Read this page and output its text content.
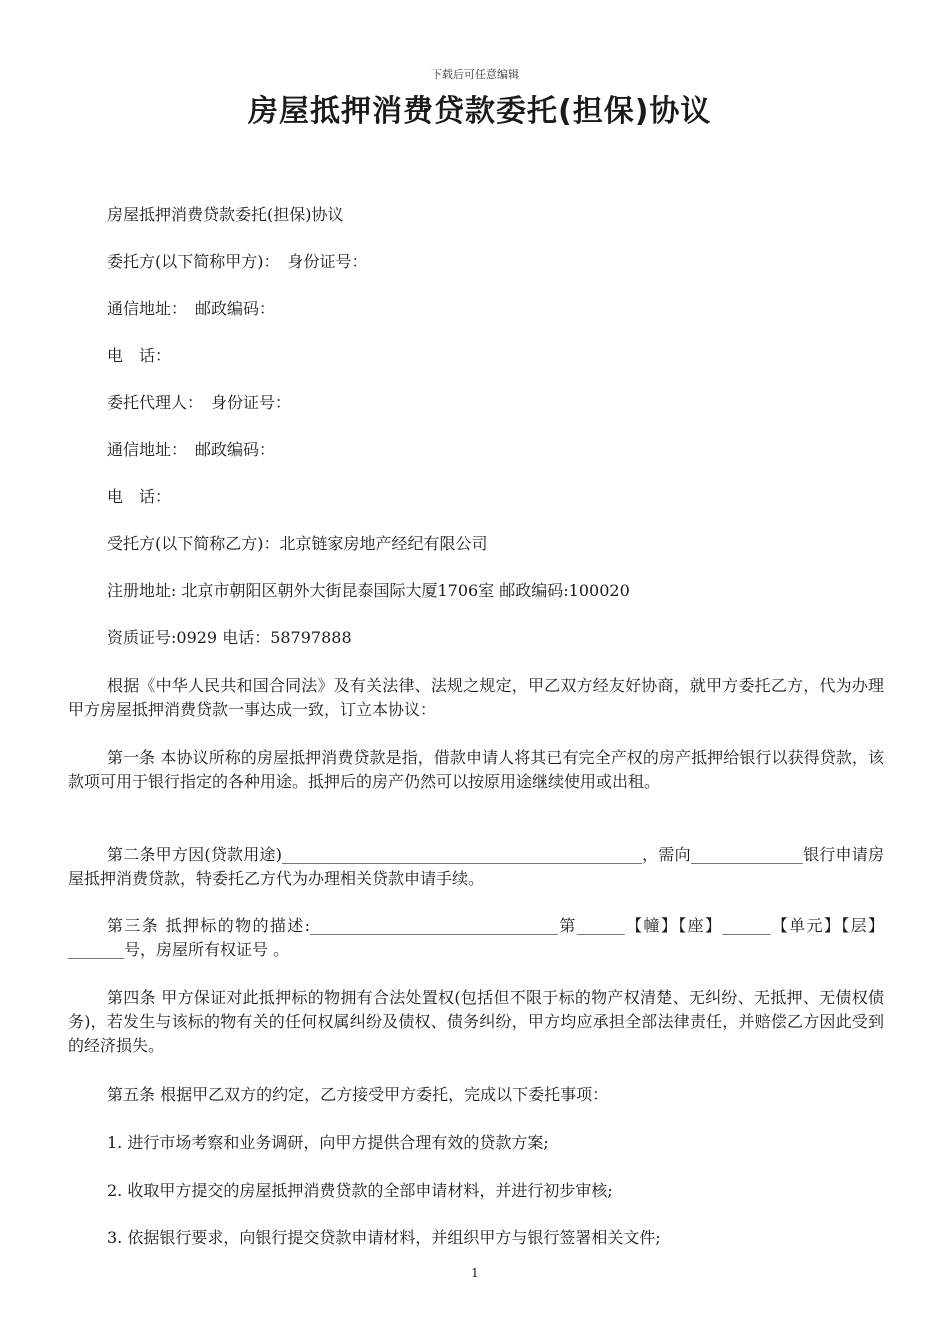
下载后可任意编辑
房屋抵押消费贷款委托(担保)协议
房屋抵押消费贷款委托(担保)协议
委托方(以下简称甲方)：　身份证号：
通信地址：　邮政编码：
电　话：
委托代理人：　身份证号：
通信地址：　邮政编码：
电　话：
受托方(以下简称乙方)：北京链家房地产经纪有限公司
注册地址: 北京市朝阳区朝外大街昆泰国际大厦1706室 邮政编码:100020
资质证号:0929 电话：58797888
根据《中华人民共和国合同法》及有关法律、法规之规定，甲乙双方经友好协商，就甲方委托乙方，代为办理甲方房屋抵押消费贷款一事达成一致，订立本协议：
第一条 本协议所称的房屋抵押消费贷款是指，借款申请人将其已有完全产权的房产抵押给银行以获得贷款，该款项可用于银行指定的各种用途。抵押后的房产仍然可以按原用途继续使用或出租。
第二条甲方因(贷款用途)_____________________________________________，需向______________银行申请房屋抵押消费贷款，特委托乙方代为办理相关贷款申请手续。
第三条 抵押标的物的描述:_______________________________第______【幢】【座】______【单元】【层】_______号，房屋所有权证号 。
第四条 甲方保证对此抵押标的物拥有合法处置权(包括但不限于标的物产权清楚、无纠纷、无抵押、无债权债务)，若发生与该标的物有关的任何权属纠纷及债权、债务纠纷，甲方均应承担全部法律责任，并赔偿乙方因此受到的经济损失。
第五条 根据甲乙双方的约定，乙方接受甲方委托，完成以下委托事项：
1. 进行市场考察和业务调研，向甲方提供合理有效的贷款方案;
2. 收取甲方提交的房屋抵押消费贷款的全部申请材料，并进行初步审核;
3. 依据银行要求，向银行提交贷款申请材料，并组织甲方与银行签署相关文件;
1
